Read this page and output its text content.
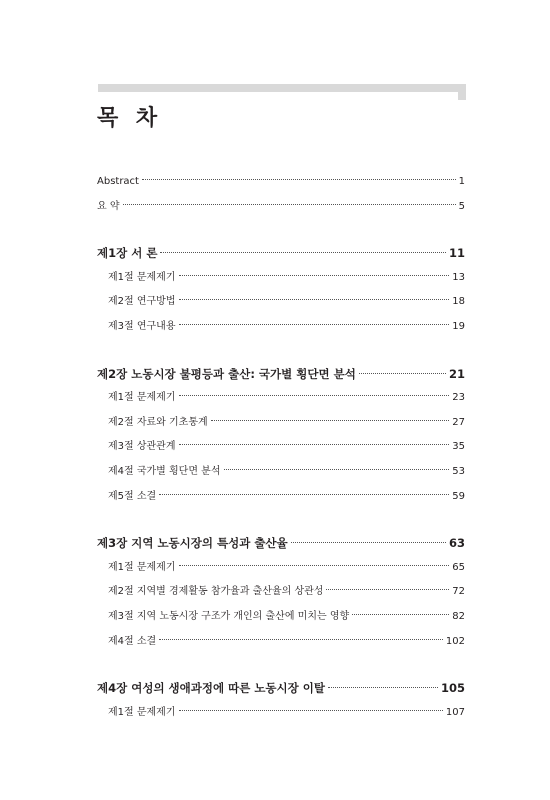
목 차
Abstract	1
요 약	5
제1장 서 론	11
제1절 문제제기	13
제2절 연구방법	18
제3절 연구내용	19
제2장 노동시장 불평등과 출산: 국가별 횡단면 분석	21
제1절 문제제기	23
제2절 자료와 기초통계	27
제3절 상관관계	35
제4절 국가별 횡단면 분석	53
제5절 소결	59
제3장 지역 노동시장의 특성과 출산율	63
제1절 문제제기	65
제2절 지역별 경제활동 참가율과 출산율의 상관성	72
제3절 지역 노동시장 구조가 개인의 출산에 미치는 영향	82
제4절 소결	102
제4장 여성의 생애과정에 따른 노동시장 이탈	105
제1절 문제제기	107
